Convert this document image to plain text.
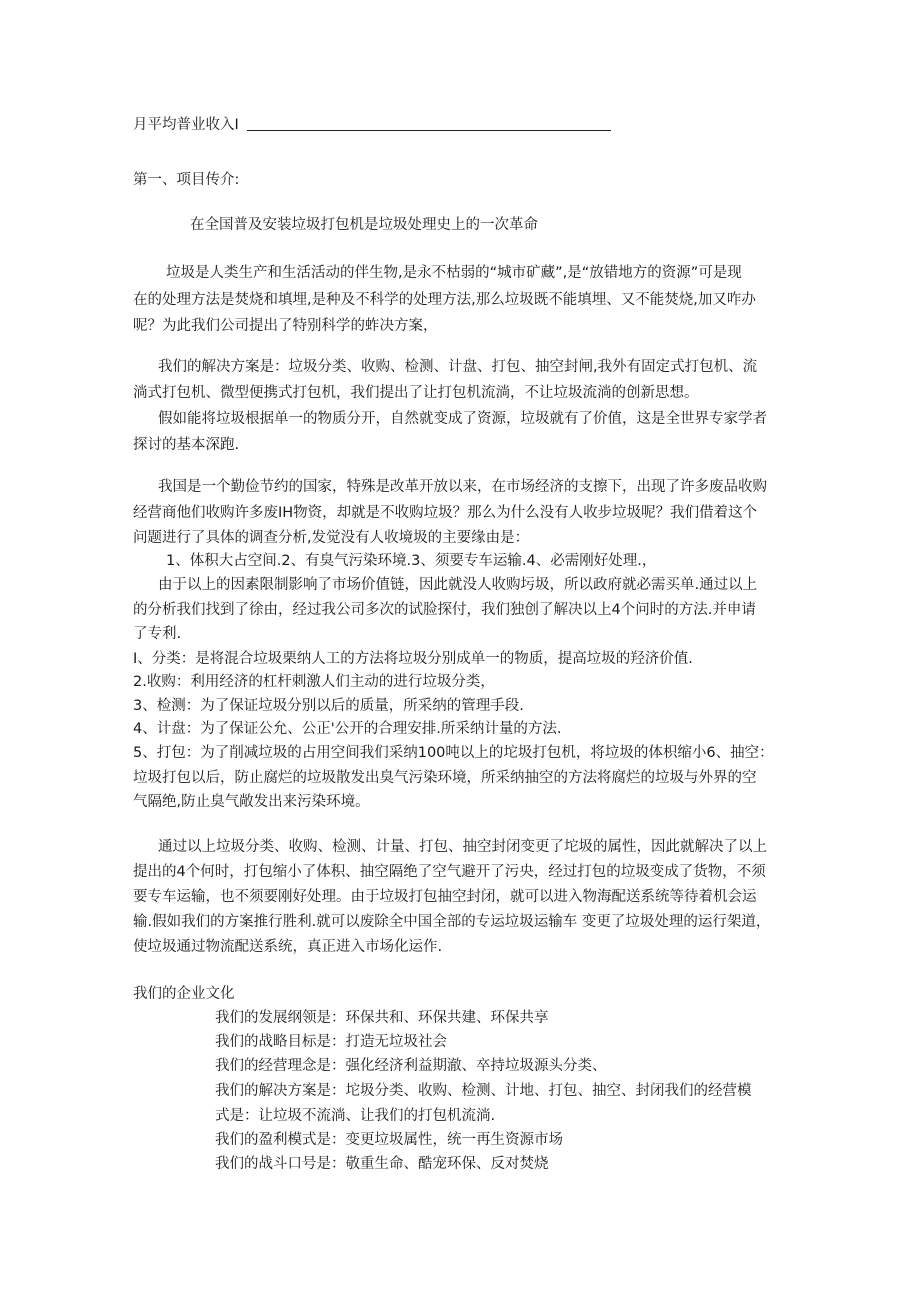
月平均普业收入I
第一、项目传介:
在全国普及安装垃圾打包机是垃圾处理史上的一次革命
垃圾是人类生产和生活活动的伴生物,是永不枯弱的“城市矿藏”,是“放错地方的资源”可是现
在的处理方法是焚烧和填埋,是种及不科学的处理方法,那么垃圾既不能填埋、又不能焚烧,加又咋办
呢？为此我们公司提出了特别科学的蚱决方案，
我们的解决方案是：垃圾分类、收购、检测、计盘、打包、抽空封闸,我外有固定式打包机、流
淌式打包机、微型便携式打包机，我们提出了让打包机流淌，不让垃圾流淌的创新思想。
假如能将垃圾根据单一的物质分开，自然就变成了资源，垃圾就有了价值，这是全世界专家学者
探讨的基本深跑.
我国是一个勤俭节约的国家，特殊是改革开放以来，在市场经济的支擦下，出现了许多废品收购
经营商他们收购许多废IH物资，却就是不收购垃圾？那么为什么没有人收步垃圾呢？我们借着这个
问题进行了具体的调查分析,发觉没有人收境圾的主要缘由是：
1、体积大占空间.2、有臭气污染环境.3、须要专车运输.4、必需刚好处理.，
由于以上的因素限制影响了市场价值链，因此就没人收购圬圾，所以政府就必需买单.通过以上
的分析我们找到了徐由，经过我公司多次的试脸探付，我们独创了解决以上4个问时的方法.并申请
了专利.
I、分类：是将混合垃圾栗纳人工的方法将垃圾分别成单一的物质，提高垃圾的羟济价值.
2.收购：利用经济的杠杆刺激人们主动的进行垃圾分类，
3、检测：为了保证垃圾分别以后的质量，所采纳的管理手段.
4、计盘：为了保证公允、公正'公开的合理安排.所采纳计量的方法.
5、打包：为了削减垃圾的占用空间我们采纳100吨以上的坨圾打包机，将垃圾的体枳缩小6、抽空：
垃圾打包以后，防止腐烂的垃圾散发出臭气污染环境，所采纳抽空的方法将腐烂的垃圾与外界的空
气隔绝,防止臭气敞发出来污染环境。
通过以上垃圾分类、收购、检测、计量、打包、抽空封闭变更了坨圾的属性，因此就解决了以上
提出的4个何时，打包缩小了体积、抽空隔绝了空气避开了污央，经过打包的垃圾变成了货物，不须
要专车运输，也不须要刚好处理。由于垃圾打包抽空封闭，就可以进入物海配送系统等待着机会运
输.假如我们的方案推行胜利.就可以废除全中国全部的专运垃圾运输车 变更了垃圾处理的运行架道，
使垃圾通过物流配送系统，真正进入市场化运作.
我们的企业文化
我们的发展纲领是：环保共和、环保共建、环保共享
我们的战略目标是：打造无垃圾社会
我们的经营理念是：强化经济利益期澈、卒持垃圾源头分类、
我们的解决方案是：坨圾分类、收购、检测、计地、打包、抽空、封闭我们的经营模
式是：让垃圾不流淌、让我们的打包机流淌.
我们的盈利模式是：变更垃圾属性，统一再生资源市场
我们的战斗口号是：敬重生命、酷宠环保、反对焚烧
